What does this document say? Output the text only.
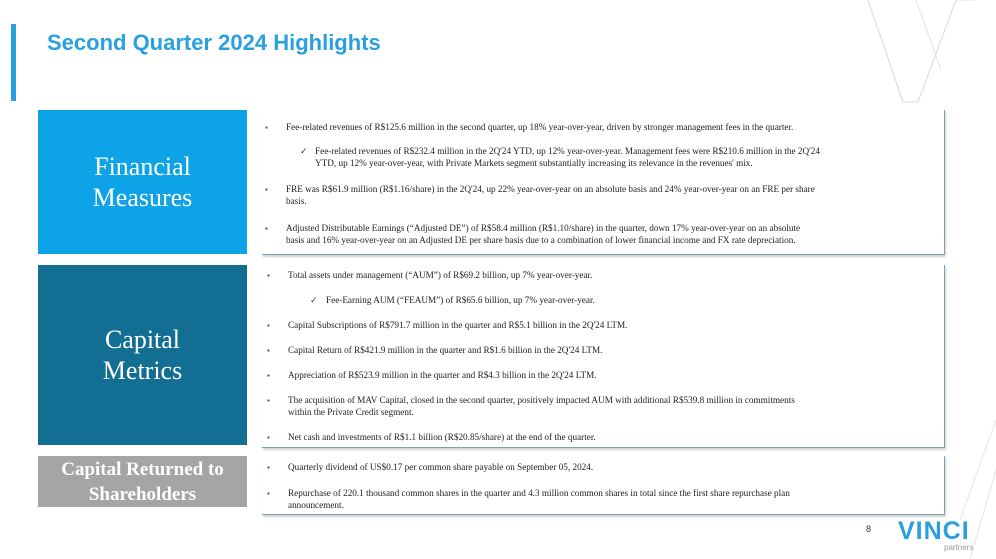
Second Quarter 2024 Highlights
Financial
Measures
▪	Fee-related revenues of R$125.6 million in the second quarter, up 18% year-over-year, driven by stronger management fees in the quarter.
✓ Fee-related revenues of R$232.4 million in the 2Q'24 YTD, up 12% year-over-year. Management fees were R$210.6 million in the 2Q'24
YTD, up 12% year-over-year, with Private Markets segment substantially increasing its relevance in the revenues' mix.
▪	FRE was R$61.9 million (R$1.16/share) in the 2Q'24, up 22% year-over-year on an absolute basis and 24% year-over-year on an FRE per share
basis.
▪	Adjusted Distributable Earnings (“Adjusted DE”) of R$58.4 million (R$1.10/share) in the quarter, down 17% year-over-year on an absolute
basis and 16% year-over-year on an Adjusted DE per share basis due to a combination of lower financial income and FX rate depreciation.
Capital
Metrics
▪	Total assets under management (“AUM”) of R$69.2 billion, up 7% year-over-year.
✓ Fee-Earning AUM (“FEAUM”) of R$65.6 billion, up 7% year-over-year.
▪	Capital Subscriptions of R$791.7 million in the quarter and R$5.1 billion in the 2Q'24 LTM.
▪	Capital Return of R$421.9 million in the quarter and R$1.6 billion in the 2Q'24 LTM.
▪	Appreciation of R$523.9 million in the quarter and R$4.3 billion in the 2Q'24 LTM.
▪	The acquisition of MAV Capital, closed in the second quarter, positively impacted AUM with additional R$539.8 million in commitments
within the Private Credit segment.
▪	Net cash and investments of R$1.1 billion (R$20.85/share) at the end of the quarter.
Capital Returned to
Shareholders
▪	Quarterly dividend of US$0.17 per common share payable on September 05, 2024.
▪	Repurchase of 220.1 thousand common shares in the quarter and 4.3 million common shares in total since the first share repurchase plan
announcement.
8 VINCI
partners
